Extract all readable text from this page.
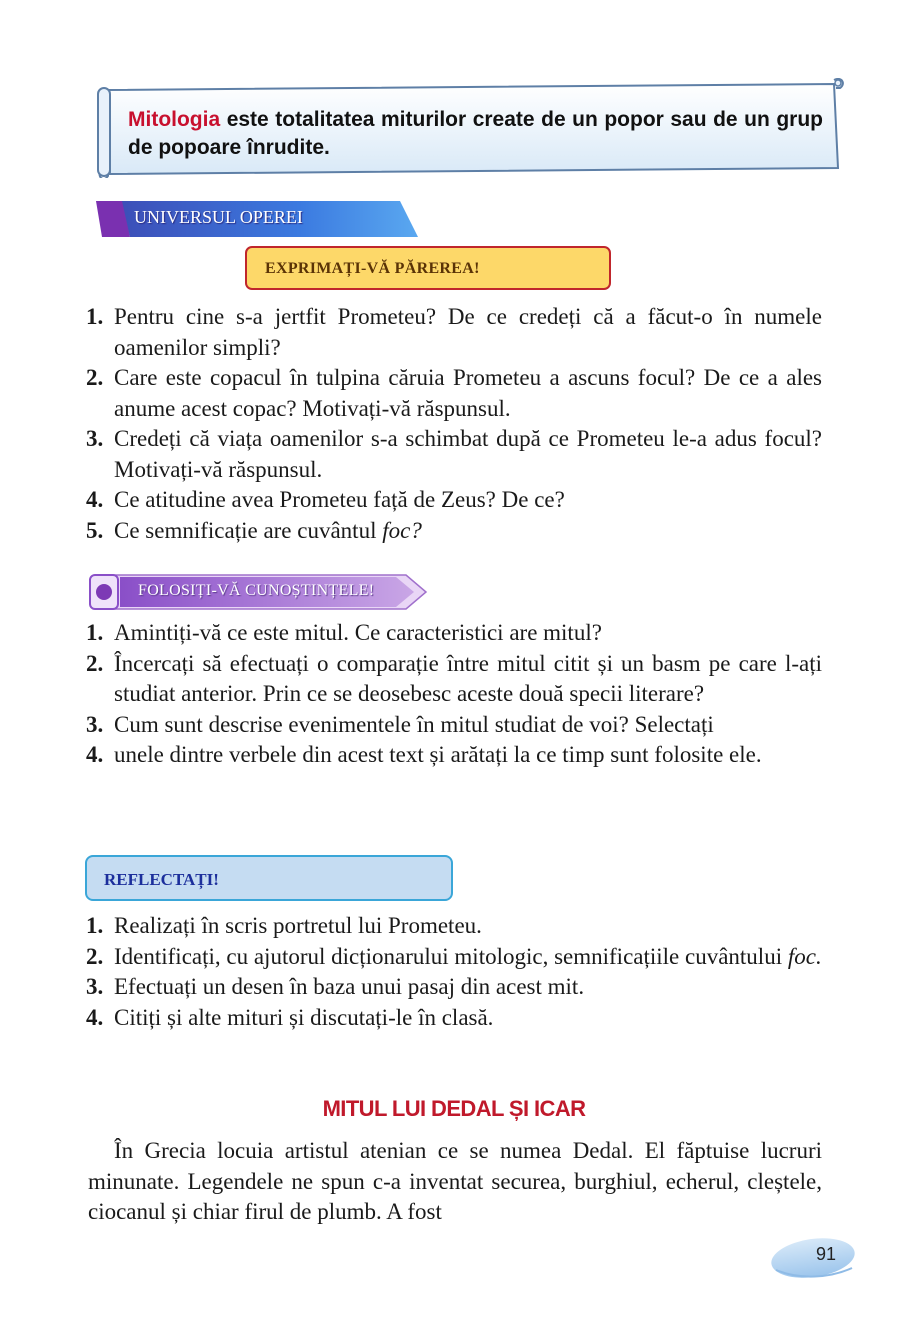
Mitologia este totalitatea miturilor create de un popor sau de un grup de popoare înrudite.
UNIVERSUL OPEREI
EXPRIMAȚI-VĂ PĂREREA!
1. Pentru cine s-a jertfit Prometeu? De ce credeți că a făcut-o în numele oamenilor simpli?
2. Care este copacul în tulpina căruia Prometeu a ascuns focul? De ce a ales anume acest copac? Motivați-vă răspunsul.
3. Credeți că viața oamenilor s-a schimbat după ce Prometeu le-a adus focul? Motivați-vă răspunsul.
4. Ce atitudine avea Prometeu față de Zeus? De ce?
5. Ce semnificație are cuvântul foc?
FOLOSIȚI-VĂ CUNOȘTINȚELE!
1. Amintiți-vă ce este mitul. Ce caracteristici are mitul?
2. Încercați să efectuați o comparație între mitul citit și un basm pe care l-ați studiat anterior. Prin ce se deosebesc aceste două specii literare?
3. Cum sunt descrise evenimentele în mitul studiat de voi? Selectați
4. unele dintre verbele din acest text și arătați la ce timp sunt folosite ele.
REFLECTAȚI!
1. Realizați în scris portretul lui Prometeu.
2. Identificați, cu ajutorul dicționarului mitologic, semnificațiile cuvântului foc.
3. Efectuați un desen în baza unui pasaj din acest mit.
4. Citiți și alte mituri și discutați-le în clasă.
MITUL LUI DEDAL ȘI ICAR
În Grecia locuia artistul atenian ce se numea Dedal. El făptuise lucruri minunate. Legendele ne spun c-a inventat securea, burghiul, echerul, cleștele, ciocanul și chiar firul de plumb. A fost
91
